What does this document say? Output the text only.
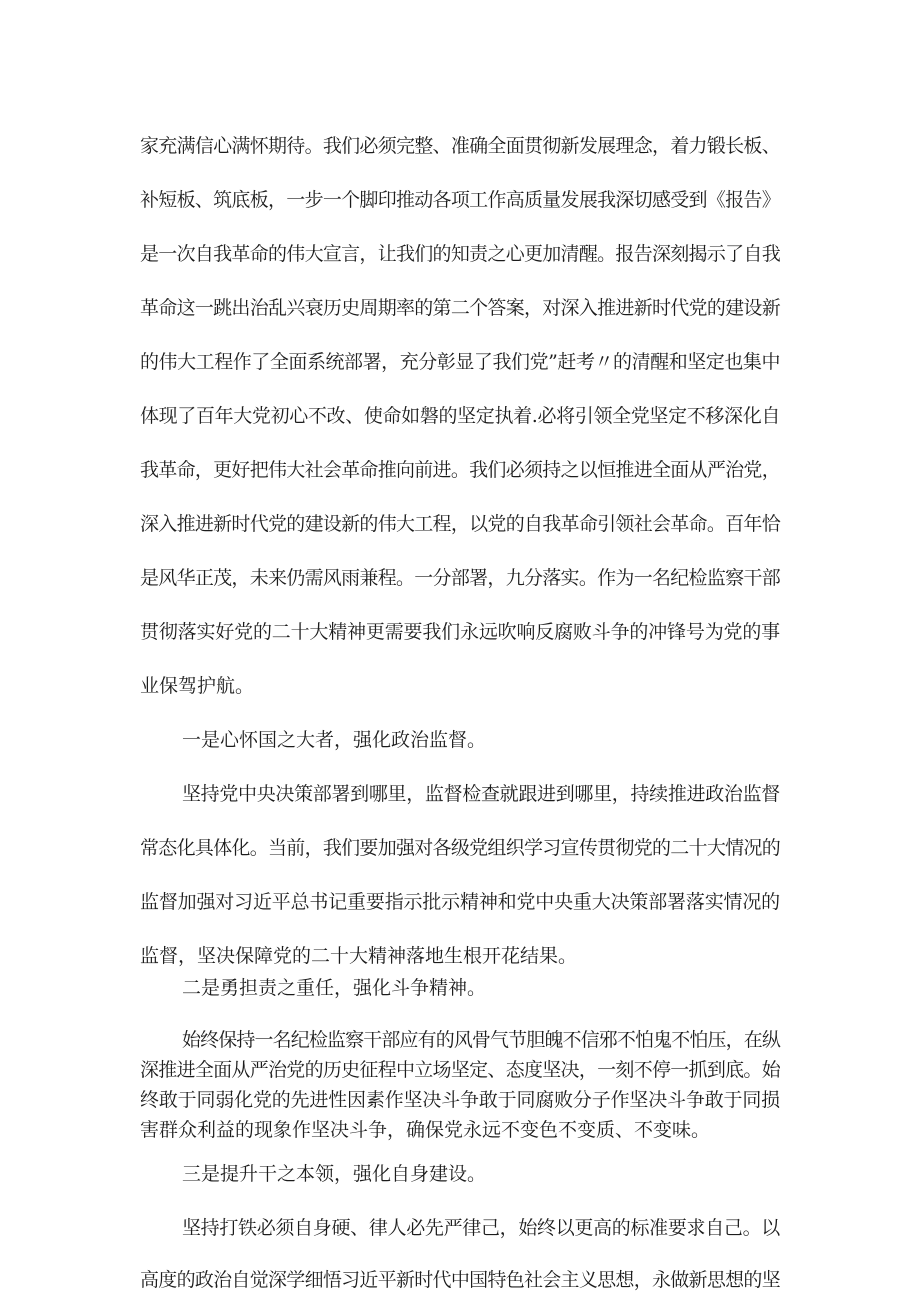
家充满信心满怀期待。我们必须完整、准确全面贯彻新发展理念，着力锻长板、
补短板、筑底板，一步一个脚印推动各项工作高质量发展我深切感受到《报告》
是一次自我革命的伟大宣言，让我们的知责之心更加清醒。报告深刻揭示了自我
革命这一跳出治乱兴衰历史周期率的第二个答案，对深入推进新时代党的建设新
的伟大工程作了全面系统部署，充分彰显了我们党”赶考〃的清醒和坚定也集中
体现了百年大党初心不改、使命如磐的坚定执着.必将引领全党坚定不移深化自
我革命，更好把伟大社会革命推向前进。我们必须持之以恒推进全面从严治党，
深入推进新时代党的建设新的伟大工程，以党的自我革命引领社会革命。百年恰
是风华正茂，未来仍需风雨兼程。一分部署，九分落实。作为一名纪检监察干部
贯彻落实好党的二十大精神更需要我们永远吹响反腐败斗争的冲锋号为党的事
业保驾护航。
一是心怀国之大者，强化政治监督。
坚持党中央决策部署到哪里，监督检查就跟进到哪里，持续推进政治监督
常态化具体化。当前，我们要加强对各级党组织学习宣传贯彻党的二十大情况的
监督加强对习近平总书记重要指示批示精神和党中央重大决策部署落实情况的
监督，坚决保障党的二十大精神落地生根开花结果。
二是勇担责之重任，强化斗争精神。
始终保持一名纪检监察干部应有的风骨气节胆魄不信邪不怕鬼不怕压，在纵
深推进全面从严治党的历史征程中立场坚定、态度坚决，一刻不停一抓到底。始
终敢于同弱化党的先进性因素作坚决斗争敢于同腐败分子作坚决斗争敢于同损
害群众利益的现象作坚决斗争，确保党永远不变色不变质、不变味。
三是提升干之本领，强化自身建设。
坚持打铁必须自身硬、律人必先严律己，始终以更高的标准要求自己。以
高度的政治自觉深学细悟习近平新时代中国特色社会主义思想，永做新思想的坚
